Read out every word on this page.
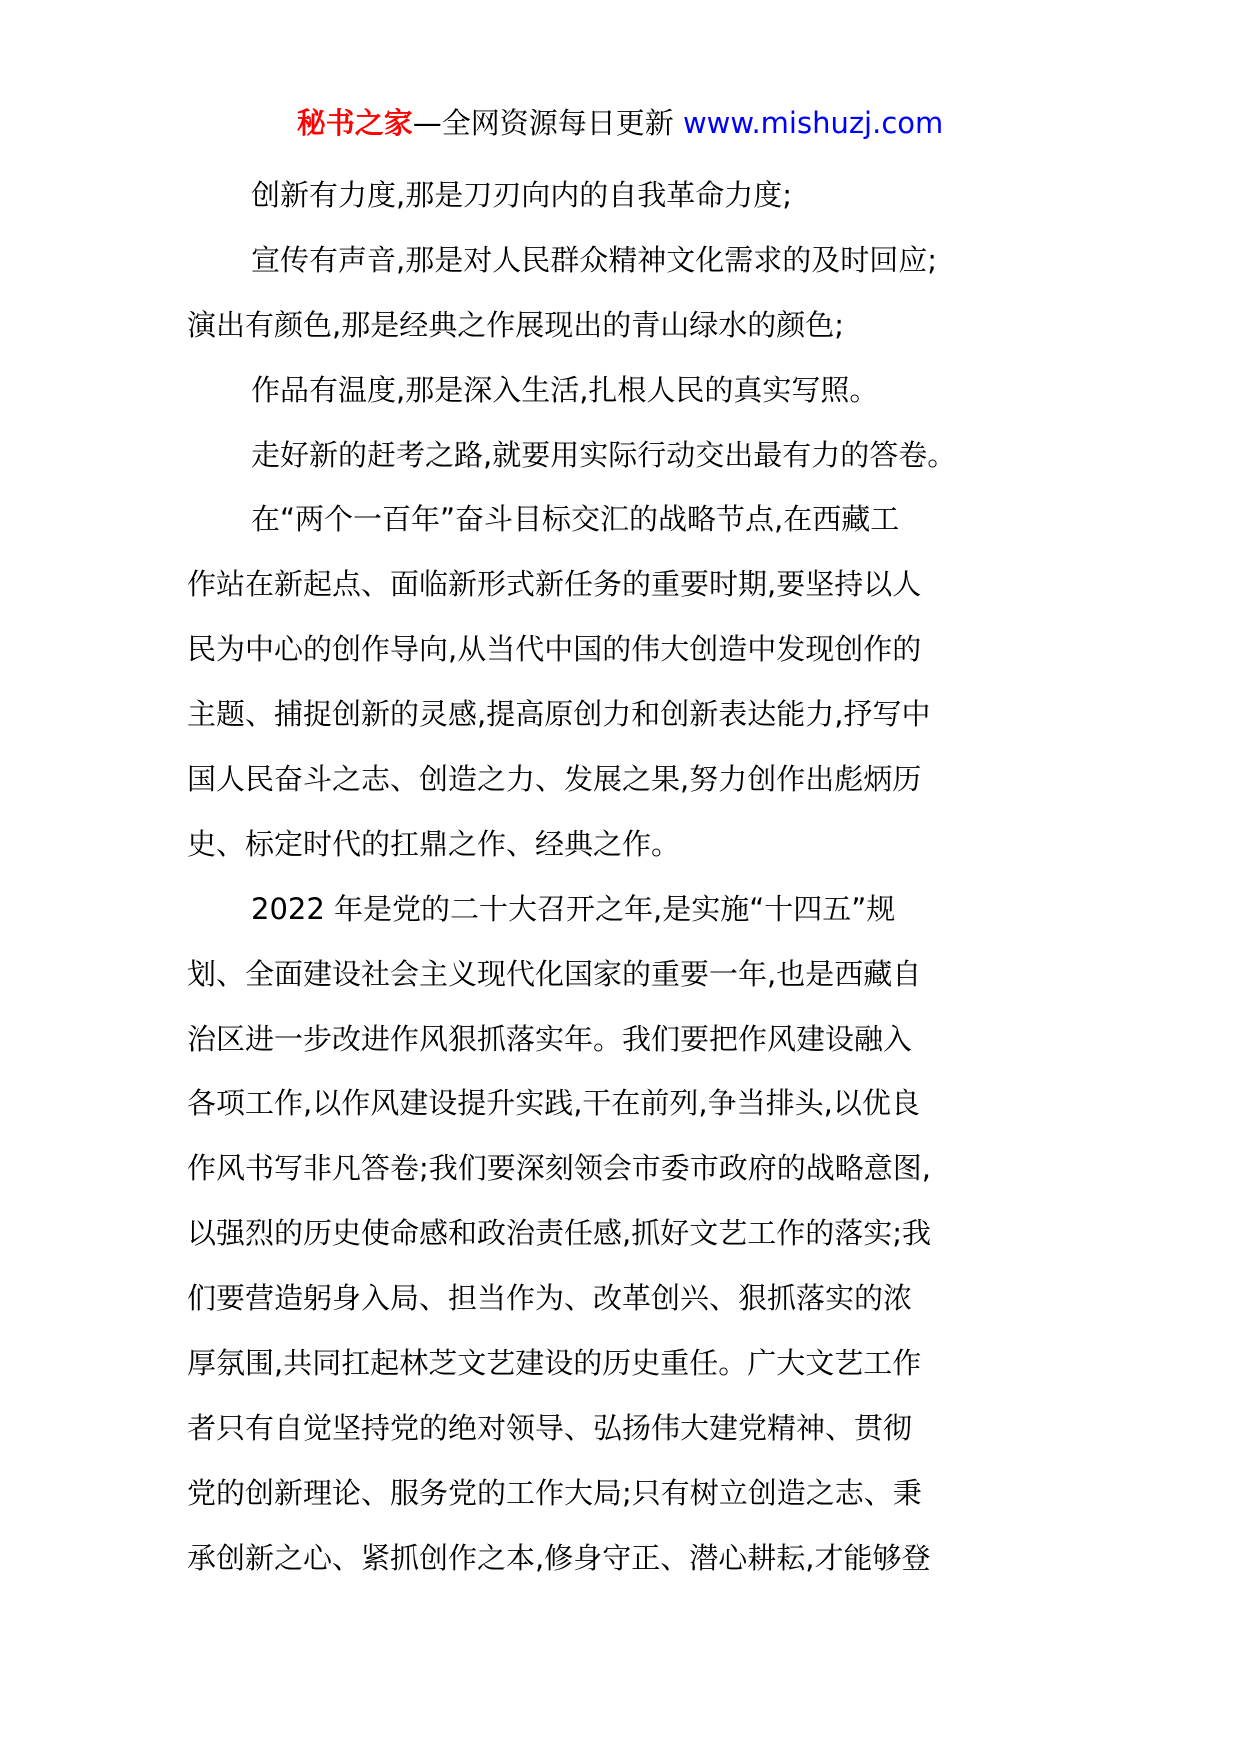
秘书之家—全网资源每日更新 www.mishuzj.com

创新有力度,那是刀刃向内的自我革命力度;

宣传有声音,那是对人民群众精神文化需求的及时回应;

演出有颜色,那是经典之作展现出的青山绿水的颜色;

作品有温度,那是深入生活,扎根人民的真实写照。

走好新的赶考之路,就要用实际行动交出最有力的答卷。

在“两个一百年”奋斗目标交汇的战略节点,在西藏工

作站在新起点、面临新形式新任务的重要时期,要坚持以人

民为中心的创作导向,从当代中国的伟大创造中发现创作的

主题、捕捉创新的灵感,提高原创力和创新表达能力,抒写中

国人民奋斗之志、创造之力、发展之果,努力创作出彪炳历

史、标定时代的扛鼎之作、经典之作。

2022 年是党的二十大召开之年,是实施“十四五”规

划、全面建设社会主义现代化国家的重要一年,也是西藏自

治区进一步改进作风狠抓落实年。我们要把作风建设融入

各项工作,以作风建设提升实践,干在前列,争当排头,以优良

作风书写非凡答卷;我们要深刻领会市委市政府的战略意图,

以强烈的历史使命感和政治责任感,抓好文艺工作的落实;我

们要营造躬身入局、担当作为、改革创兴、狠抓落实的浓

厚氛围,共同扛起林芝文艺建设的历史重任。广大文艺工作

者只有自觉坚持党的绝对领导、弘扬伟大建党精神、贯彻

党的创新理论、服务党的工作大局;只有树立创造之志、秉

承创新之心、紧抓创作之本,修身守正、潜心耕耘,才能够登
